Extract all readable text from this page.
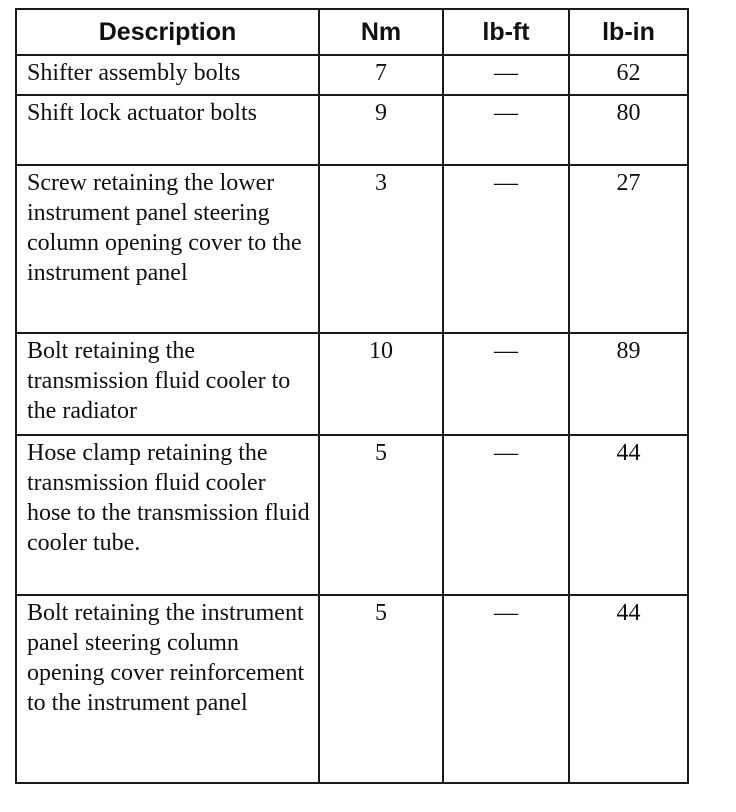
Description	Nm	lb-ft	lb-in
Shifter assembly bolts	7	—	62
Shift lock actuator bolts	9	—	80
Screw retaining the lower instrument panel steering column opening cover to the instrument panel	3	—	27
Bolt retaining the transmission fluid cooler to the radiator	10	—	89
Hose clamp retaining the transmission fluid cooler hose to the transmission fluid cooler tube.	5	—	44
Bolt retaining the instrument panel steering column opening cover reinforcement to the instrument panel	5	—	44
